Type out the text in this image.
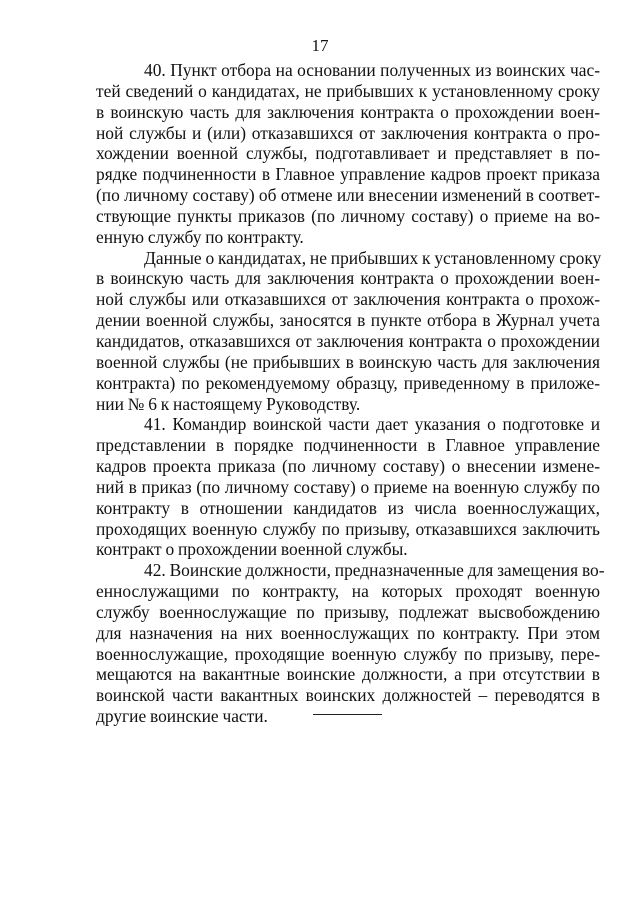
17
40. Пункт отбора на основании полученных из воинских час-
тей сведений о кандидатах, не прибывших к установленному сроку
в воинскую часть для заключения контракта о прохождении воен-
ной службы и (или) отказавшихся от заключения контракта о про-
хождении военной службы, подготавливает и представляет в по-
рядке подчиненности в Главное управление кадров проект приказа
(по личному составу) об отмене или внесении изменений в соответ-
ствующие пункты приказов (по личному составу) о приеме на во-
енную службу по контракту.
Данные о кандидатах, не прибывших к установленному сроку
в воинскую часть для заключения контракта о прохождении воен-
ной службы или отказавшихся от заключения контракта о прохож-
дении военной службы, заносятся в пункте отбора в Журнал учета
кандидатов, отказавшихся от заключения контракта о прохождении
военной службы (не прибывших в воинскую часть для заключения
контракта) по рекомендуемому образцу, приведенному в приложе-
нии № 6 к настоящему Руководству.
41. Командир воинской части дает указания о подготовке и
представлении в порядке подчиненности в Главное управление
кадров проекта приказа (по личному составу) о внесении измене-
ний в приказ (по личному составу) о приеме на военную службу по
контракту в отношении кандидатов из числа военнослужащих,
проходящих военную службу по призыву, отказавшихся заключить
контракт о прохождении военной службы.
42. Воинские должности, предназначенные для замещения во-
еннослужащими по контракту, на которых проходят военную
службу военнослужащие по призыву, подлежат высвобождению
для назначения на них военнослужащих по контракту. При этом
военнослужащие, проходящие военную службу по призыву, пере-
мещаются на вакантные воинские должности, а при отсутствии в
воинской части вакантных воинских должностей – переводятся в
другие воинские части.
